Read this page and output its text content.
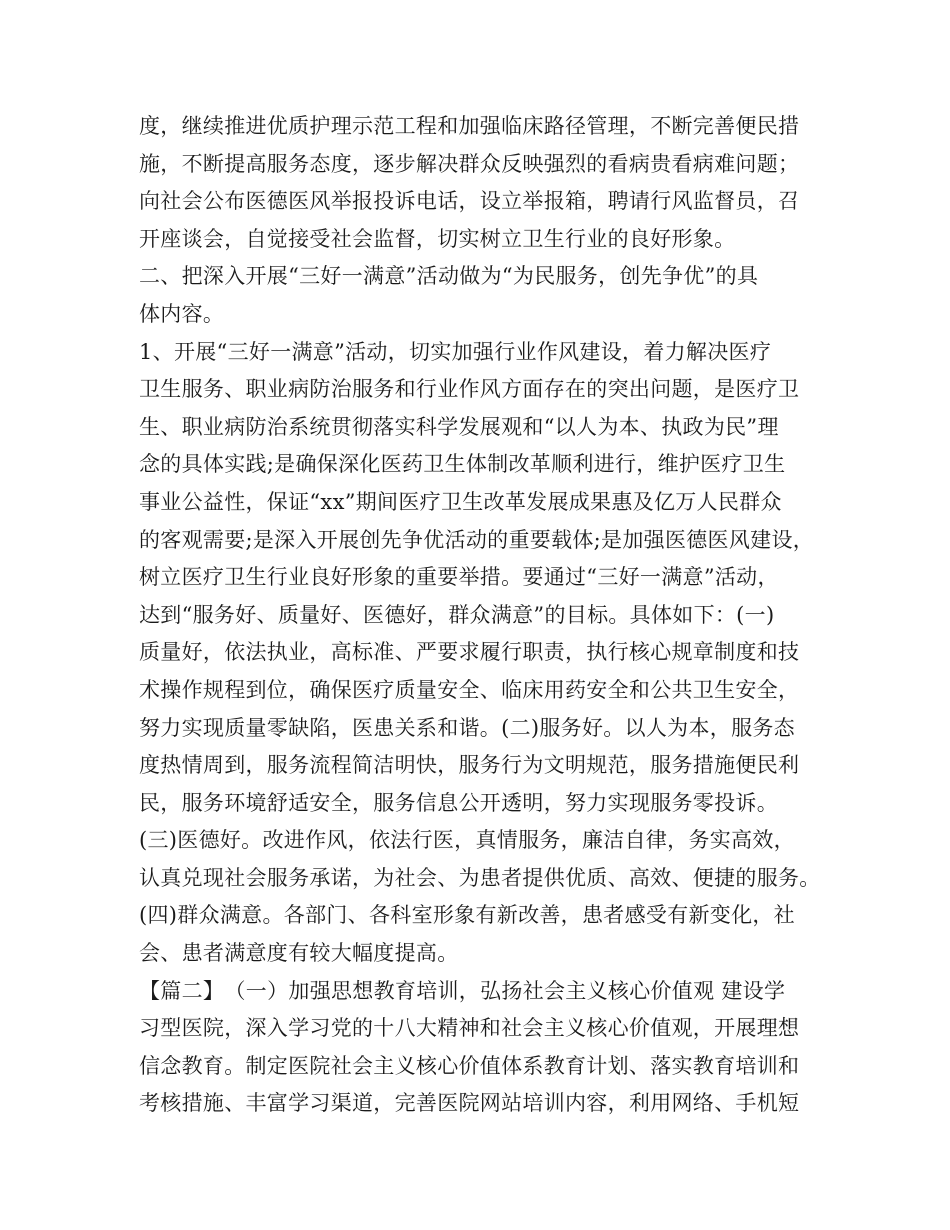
度，继续推进优质护理示范工程和加强临床路径管理，不断完善便民措
施，不断提高服务态度，逐步解决群众反映强烈的看病贵看病难问题；
向社会公布医德医风举报投诉电话，设立举报箱，聘请行风监督员，召
开座谈会，自觉接受社会监督，切实树立卫生行业的良好形象。
二、把深入开展“三好一满意”活动做为“为民服务，创先争优”的具
体内容。
1、开展“三好一满意”活动，切实加强行业作风建设，着力解决医疗
卫生服务、职业病防治服务和行业作风方面存在的突出问题，是医疗卫
生、职业病防治系统贯彻落实科学发展观和“以人为本、执政为民”理
念的具体实践;是确保深化医药卫生体制改革顺利进行，维护医疗卫生
事业公益性，保证“xx”期间医疗卫生改革发展成果惠及亿万人民群众
的客观需要;是深入开展创先争优活动的重要载体;是加强医德医风建设，
树立医疗卫生行业良好形象的重要举措。要通过“三好一满意”活动，
达到“服务好、质量好、医德好，群众满意”的目标。具体如下：(一)
质量好，依法执业，高标准、严要求履行职责，执行核心规章制度和技
术操作规程到位，确保医疗质量安全、临床用药安全和公共卫生安全，
努力实现质量零缺陷，医患关系和谐。(二)服务好。以人为本，服务态
度热情周到，服务流程简洁明快，服务行为文明规范，服务措施便民利
民，服务环境舒适安全，服务信息公开透明，努力实现服务零投诉。
(三)医德好。改进作风，依法行医，真情服务，廉洁自律，务实高效，
认真兑现社会服务承诺，为社会、为患者提供优质、高效、便捷的服务。
(四)群众满意。各部门、各科室形象有新改善，患者感受有新变化，社
会、患者满意度有较大幅度提高。
【篇二】　（一）加强思想教育培训，弘扬社会主义核心价值观 建设学
习型医院，深入学习党的十八大精神和社会主义核心价值观，开展理想
信念教育。制定医院社会主义核心价值体系教育计划、落实教育培训和
考核措施、丰富学习渠道，完善医院网站培训内容，利用网络、手机短
